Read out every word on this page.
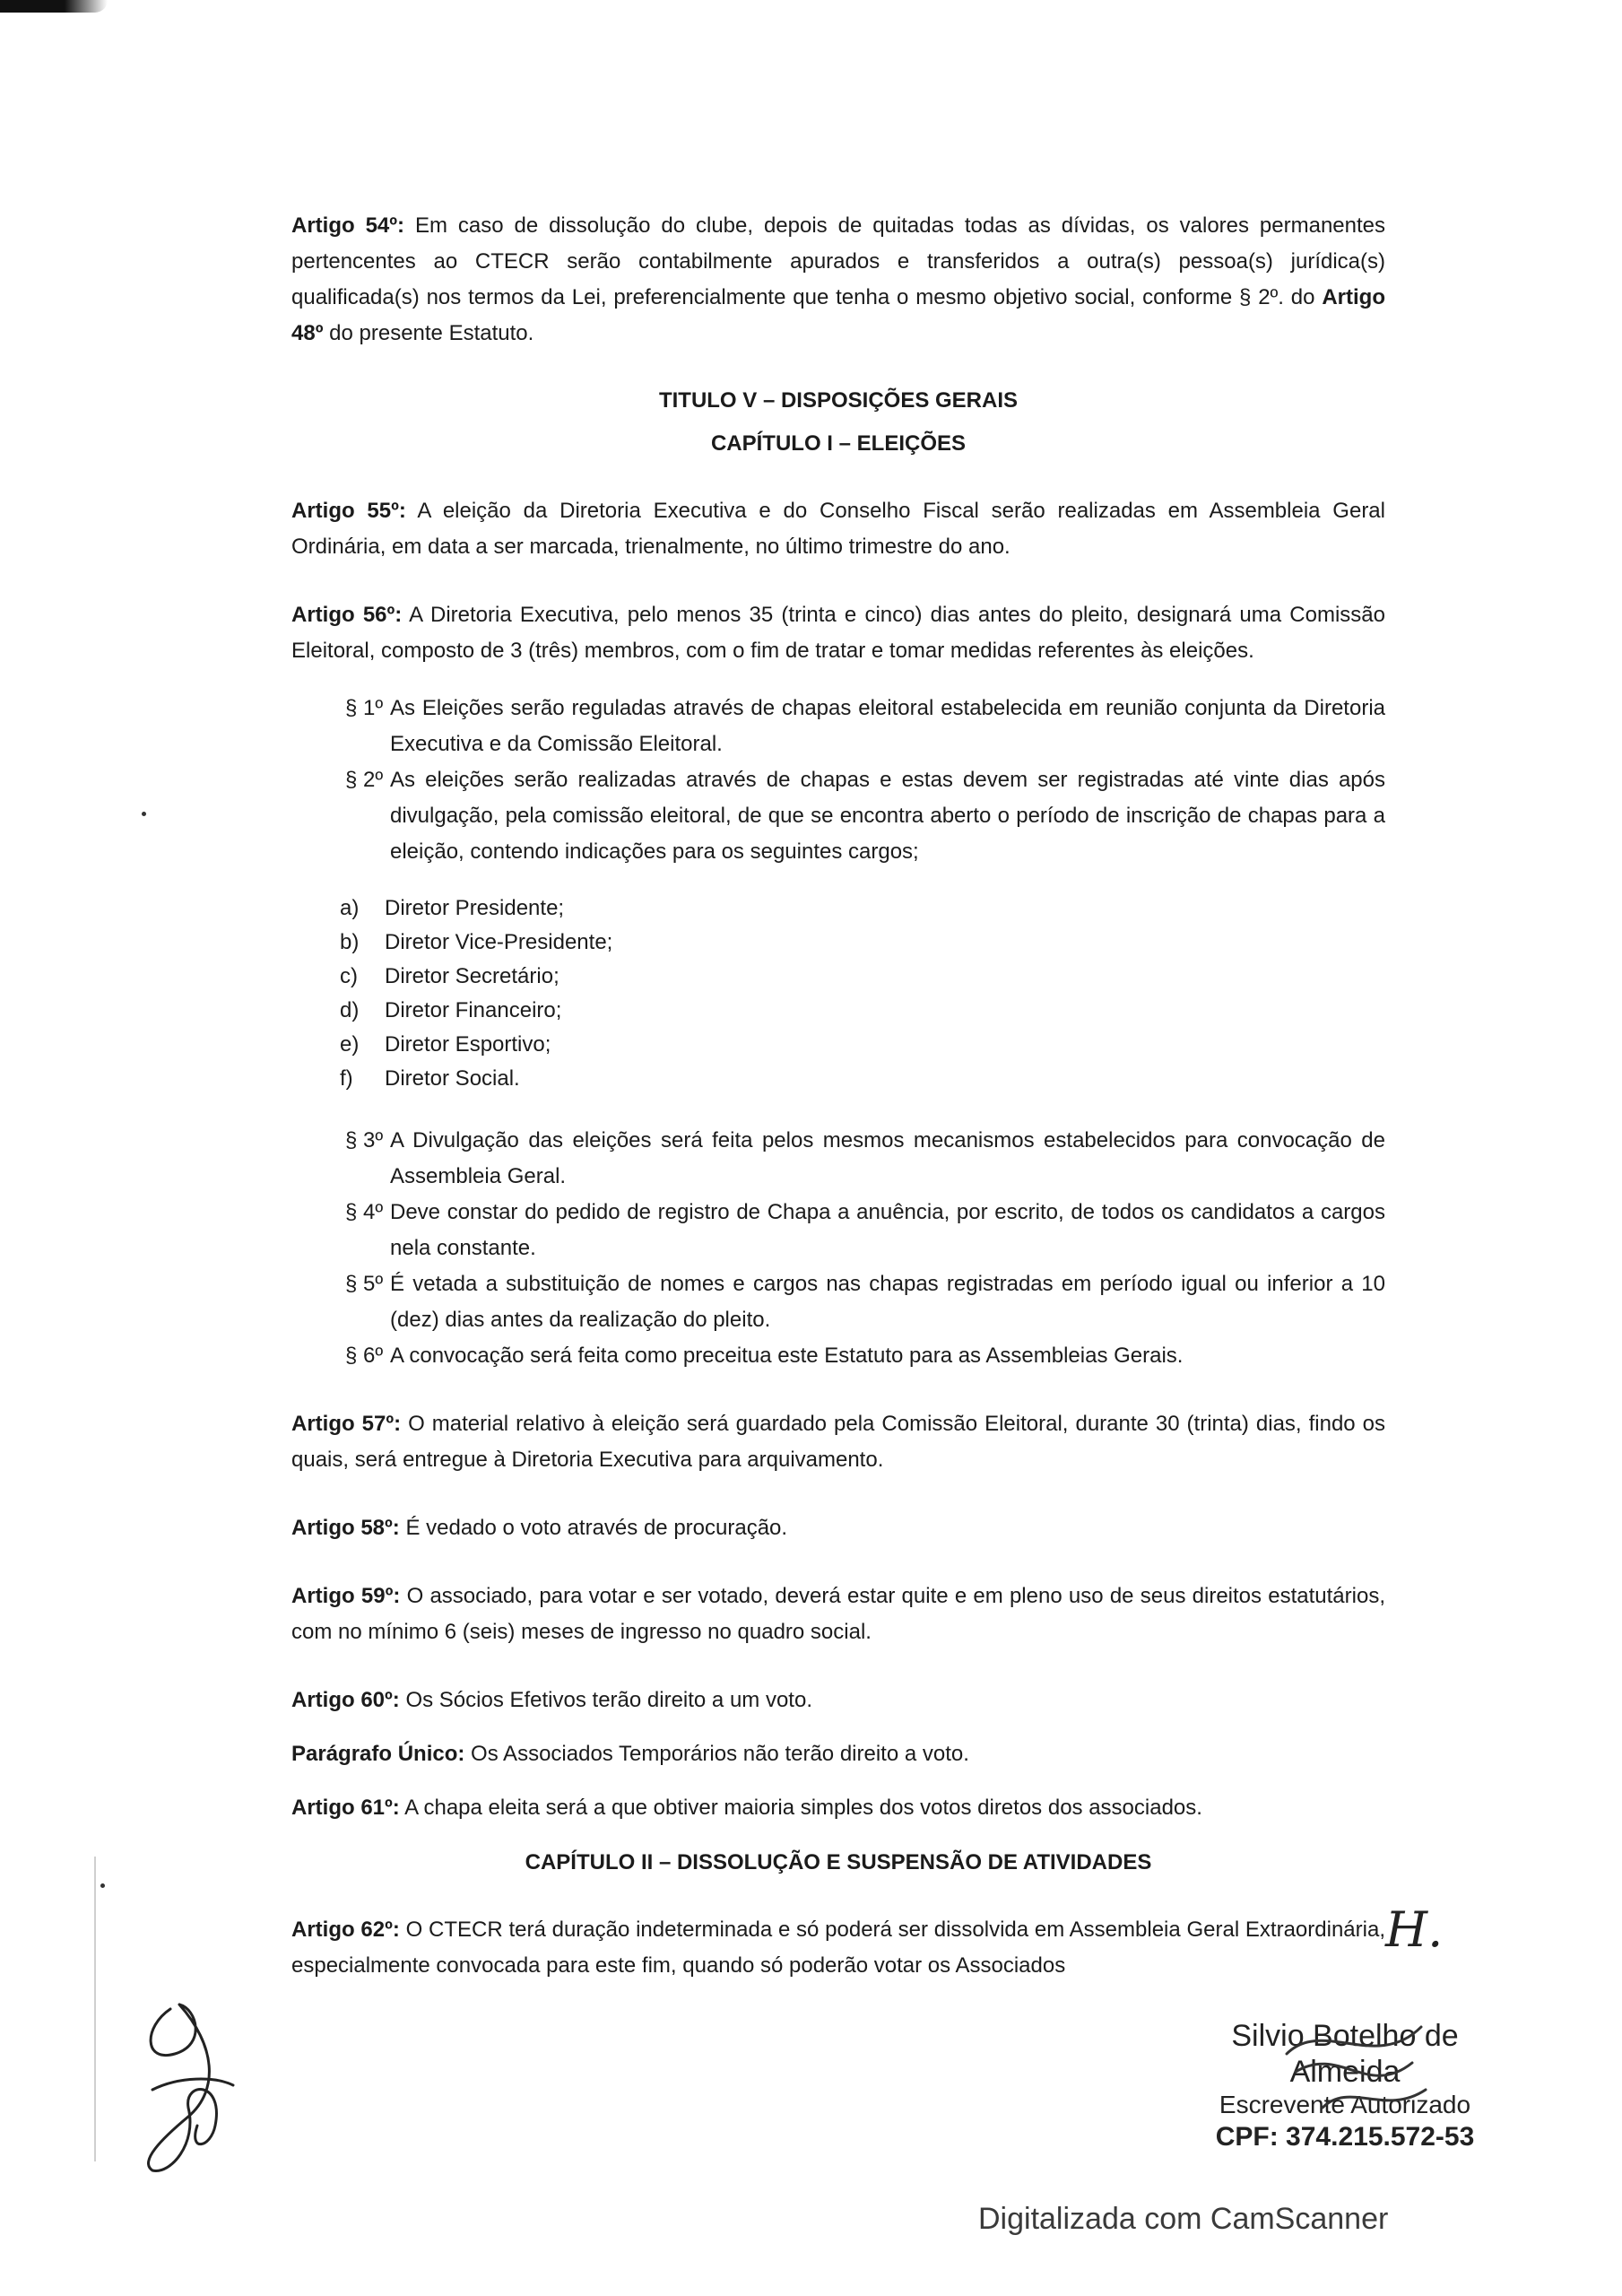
Artigo 54º: Em caso de dissolução do clube, depois de quitadas todas as dívidas, os valores permanentes pertencentes ao CTECR serão contabilmente apurados e transferidos a outra(s) pessoa(s) jurídica(s) qualificada(s) nos termos da Lei, preferencialmente que tenha o mesmo objetivo social, conforme § 2º. do Artigo 48º do presente Estatuto.

TITULO V – DISPOSIÇÕES GERAIS
CAPÍTULO I – ELEIÇÕES

Artigo 55º: A eleição da Diretoria Executiva e do Conselho Fiscal serão realizadas em Assembleia Geral Ordinária, em data a ser marcada, trienalmente, no último trimestre do ano.

Artigo 56º: A Diretoria Executiva, pelo menos 35 (trinta e cinco) dias antes do pleito, designará uma Comissão Eleitoral, composto de 3 (três) membros, com o fim de tratar e tomar medidas referentes às eleições.

§ 1º As Eleições serão reguladas através de chapas eleitoral estabelecida em reunião conjunta da Diretoria Executiva e da Comissão Eleitoral.
§ 2º As eleições serão realizadas através de chapas e estas devem ser registradas até vinte dias após divulgação, pela comissão eleitoral, de que se encontra aberto o período de inscrição de chapas para a eleição, contendo indicações para os seguintes cargos;
a)	Diretor Presidente;
b)	Diretor Vice-Presidente;
c)	Diretor Secretário;
d)	Diretor Financeiro;
e)	Diretor Esportivo;
f)	Diretor Social.
§ 3º A Divulgação das eleições será feita pelos mesmos mecanismos estabelecidos para convocação de Assembleia Geral.
§ 4º Deve constar do pedido de registro de Chapa a anuência, por escrito, de todos os candidatos a cargos nela constante.
§ 5º É vetada a substituição de nomes e cargos nas chapas registradas em período igual ou inferior a 10 (dez) dias antes da realização do pleito.
§ 6º A convocação será feita como preceitua este Estatuto para as Assembleias Gerais.

Artigo 57º: O material relativo à eleição será guardado pela Comissão Eleitoral, durante 30 (trinta) dias, findo os quais, será entregue à Diretoria Executiva para arquivamento.

Artigo 58º: É vedado o voto através de procuração.

Artigo 59º: O associado, para votar e ser votado, deverá estar quite e em pleno uso de seus direitos estatutários, com no mínimo 6 (seis) meses de ingresso no quadro social.

Artigo 60º: Os Sócios Efetivos terão direito a um voto.

Parágrafo Único: Os Associados Temporários não terão direito a voto.

Artigo 61º: A chapa eleita será a que obtiver maioria simples dos votos diretos dos associados.

CAPÍTULO II – DISSOLUÇÃO E SUSPENSÃO DE ATIVIDADES

Artigo 62º: O CTECR terá duração indeterminada e só poderá ser dissolvida em Assembleia Geral Extraordinária, especialmente convocada para este fim, quando só poderão votar os Associados

H.
Silvio Botelho de Almeida
Escrevente Autorizado
CPF: 374.215.572-53
Digitalizada com CamScanner
